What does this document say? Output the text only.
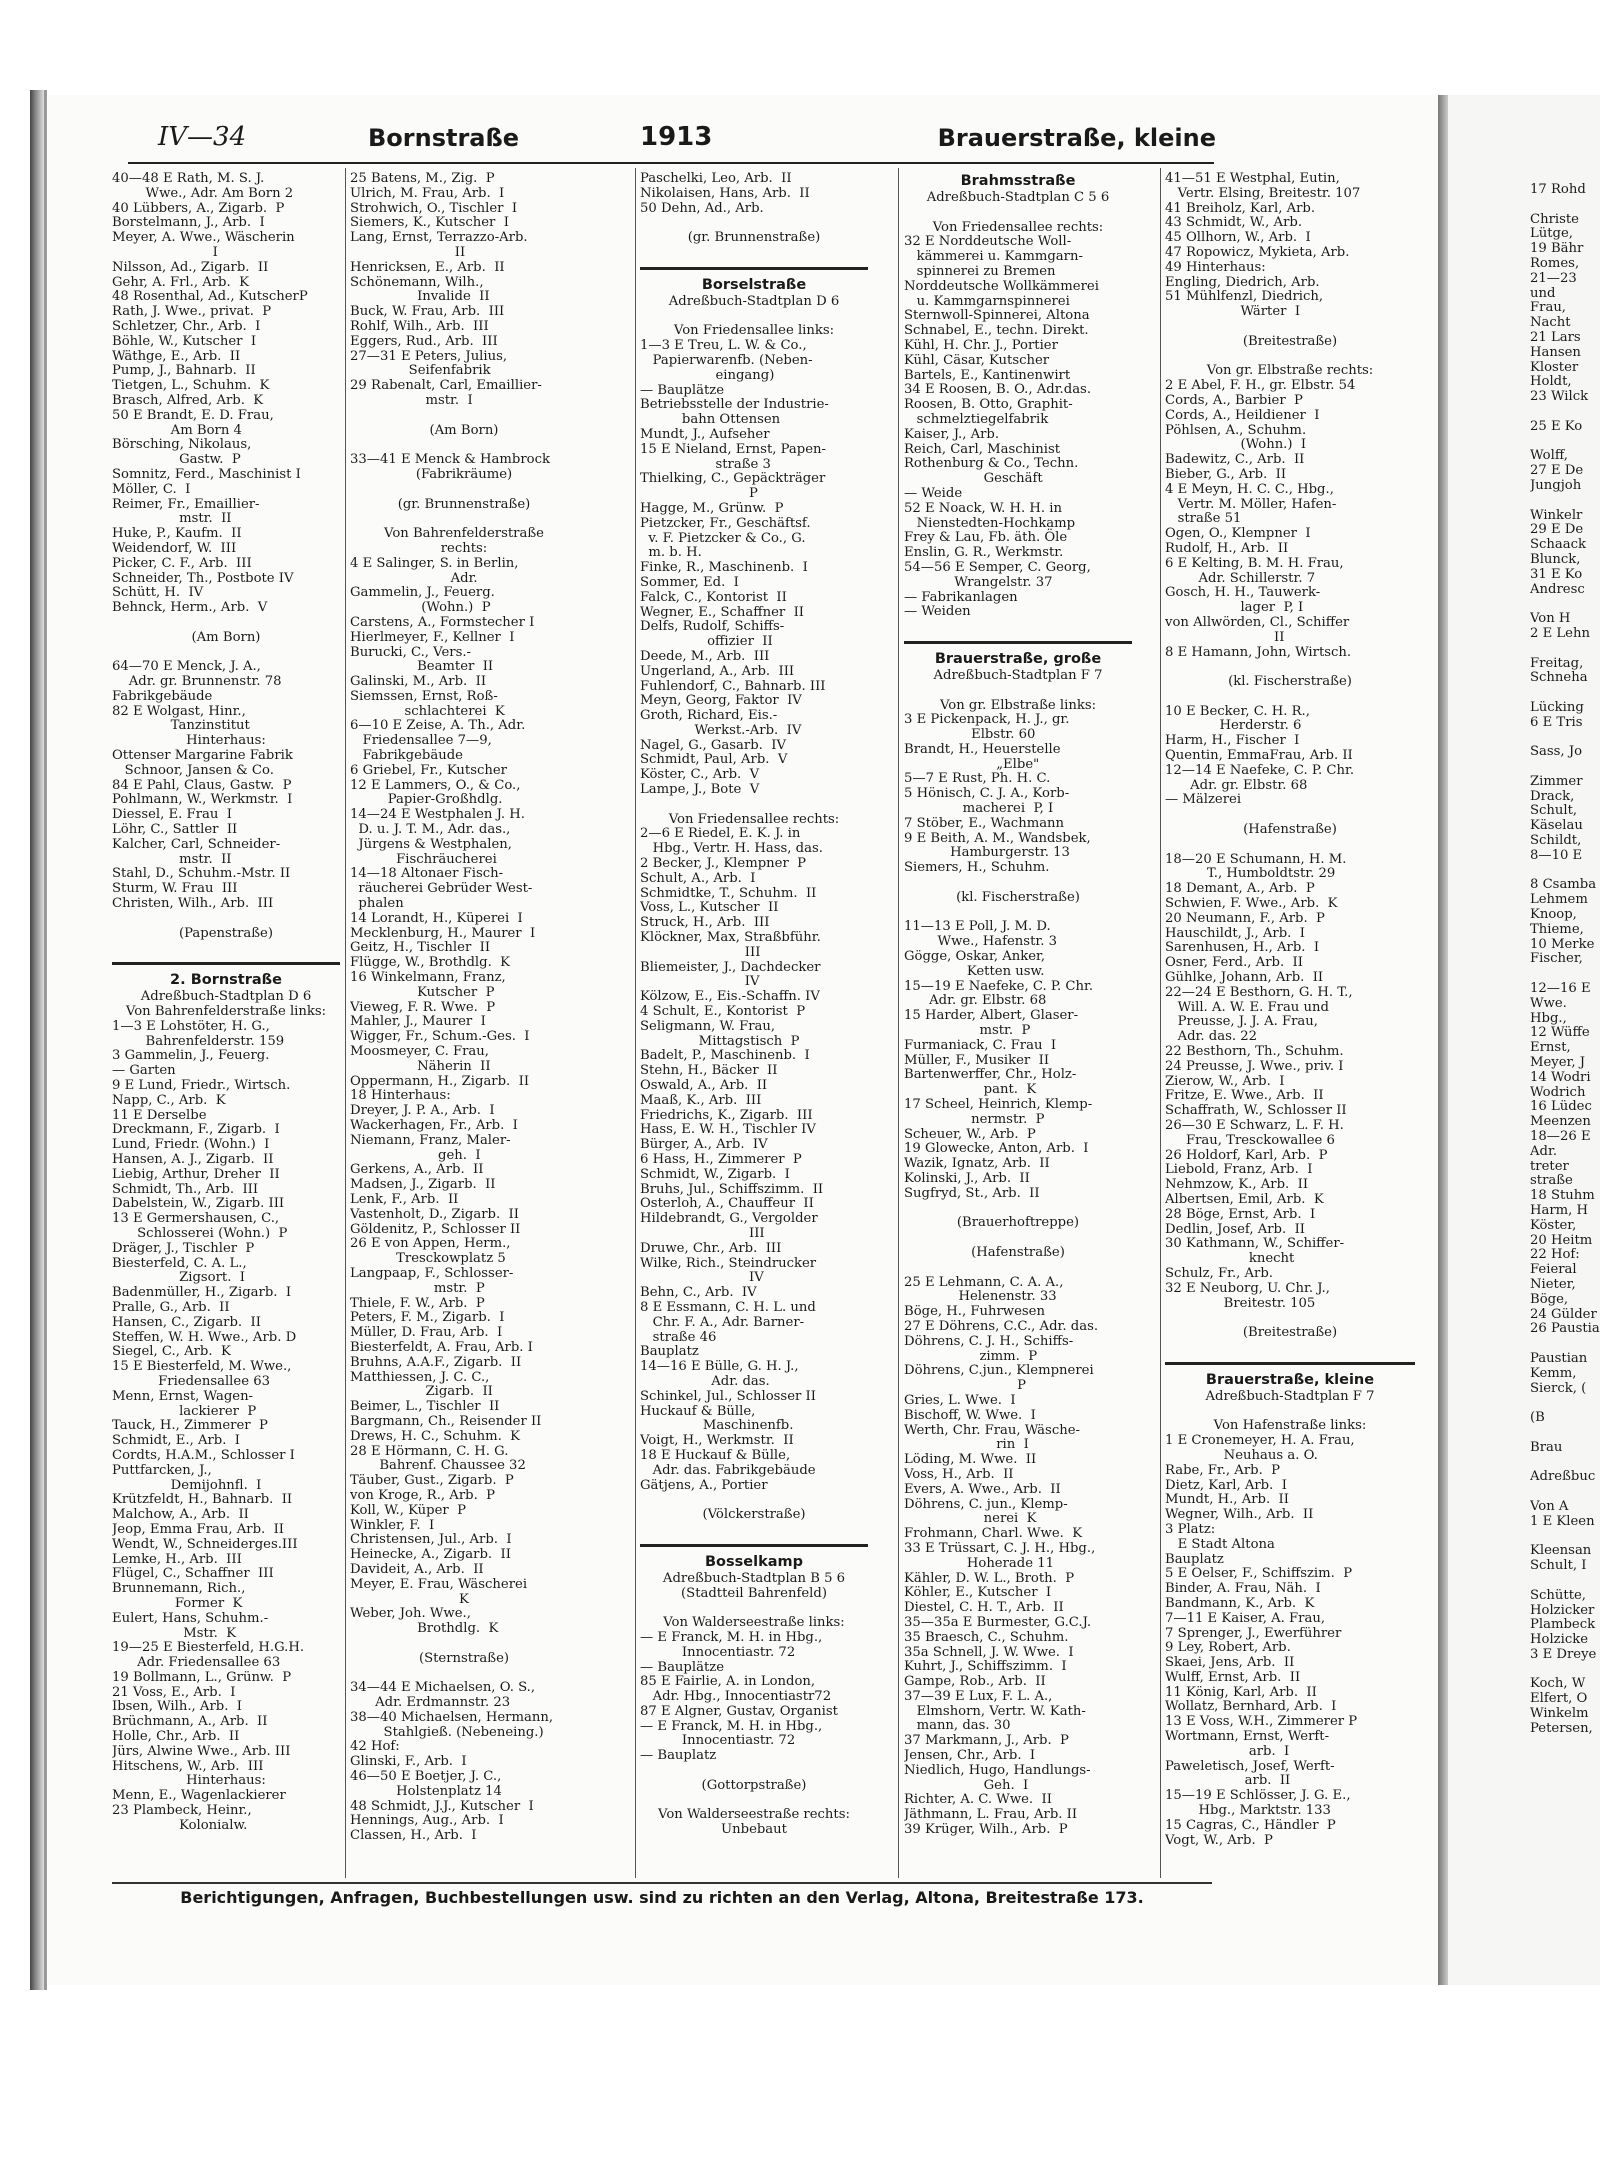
IV—34	Bornstraße	1913	Brauerstraße, kleine
40—48 E Rath, M. S. J.
Wwe., Adr. Am Born 2
40 Lübbers, A., Zigarb.  P
Borstelmann, J., Arb.  I
Meyer, A. Wwe., Wäscherin
I
Nilsson, Ad., Zigarb.  II
Gehr, A. Frl., Arb.  K
48 Rosenthal, Ad., KutscherP
Rath, J. Wwe., privat.  P
Schletzer, Chr., Arb.  I
Böhle, W., Kutscher  I
Wäthge, E., Arb.  II
Pump, J., Bahnarb.  II
Tietgen, L., Schuhm.  K
Brasch, Alfred, Arb.  K
50 E Brandt, E. D. Frau,
Am Born 4
Börsching, Nikolaus,
Gastw.  P
Somnitz, Ferd., Maschinist I
Möller, C.  I
Reimer, Fr., Emaillier-
mstr.  II
Huke, P., Kaufm.  II
Weidendorf, W.  III
Picker, C. F., Arb.  III
Schneider, Th., Postbote IV
Schütt, H.  IV
Behnck, Herm., Arb.  V

(Am Born)

64—70 E Menck, J. A.,
Adr. gr. Brunnenstr. 78
Fabrikgebäude
82 E Wolgast, Hinr.,
Tanzinstitut
Hinterhaus:
Ottenser Margarine Fabrik
Schnoor, Jansen & Co.
84 E Pahl, Claus, Gastw.  P
Pohlmann, W., Werkmstr.  I
Diessel, E. Frau  I
Löhr, C., Sattler  II
Kalcher, Carl, Schneider-
mstr.  II
Stahl, D., Schuhm.-Mstr. II
Sturm, W. Frau  III
Christen, Wilh., Arb.  III

(Papenstraße)

2. Bornstraße
Adreßbuch-Stadtplan D 6
Von Bahrenfelderstraße links:
1—3 E Lohstöter, H. G.,
Bahrenfelderstr. 159
3 Gammelin, J., Feuerg.
— Garten
9 E Lund, Friedr., Wirtsch.
Napp, C., Arb.  K
11 E Derselbe
Dreckmann, F., Zigarb.  I
Lund, Friedr. (Wohn.)  I
Hansen, A. J., Zigarb.  II
Liebig, Arthur, Dreher  II
Schmidt, Th., Arb.  III
Dabelstein, W., Zigarb. III
13 E Germershausen, C.,
Schlosserei (Wohn.)  P
Dräger, J., Tischler  P
Biesterfeld, C. A. L.,
Zigsort.  I
Badenmüller, H., Zigarb.  I
Pralle, G., Arb.  II
Hansen, C., Zigarb.  II
Steffen, W. H. Wwe., Arb. D
Siegel, C., Arb.  K
15 E Biesterfeld, M. Wwe.,
Friedensallee 63
Menn, Ernst, Wagen-
lackierer  P
Tauck, H., Zimmerer  P
Schmidt, E., Arb.  I
Cordts, H.A.M., Schlosser I
Puttfarcken, J.,
Demijohnfl.  I
Krützfeldt, H., Bahnarb.  II
Malchow, A., Arb.  II
Jeop, Emma Frau, Arb.  II
Wendt, W., Schneiderges.III
Lemke, H., Arb.  III
Flügel, C., Schaffner  III
Brunnemann, Rich.,
Former  K
Eulert, Hans, Schuhm.-
Mstr.  K
19—25 E Biesterfeld, H.G.H.
Adr. Friedensallee 63
19 Bollmann, L., Grünw.  P
21 Voss, E., Arb.  I
Ibsen, Wilh., Arb.  I
Brüchmann, A., Arb.  II
Holle, Chr., Arb.  II
Jürs, Alwine Wwe., Arb. III
Hitschens, W., Arb.  III
Hinterhaus:
Menn, E., Wagenlackierer
23 Plambeck, Heinr.,
Kolonialw.
25 Batens, M., Zig.  P
Ulrich, M. Frau, Arb.  I
Strohwich, O., Tischler  I
Siemers, K., Kutscher  I
Lang, Ernst, Terrazzo-Arb.
II
Henricksen, E., Arb.  II
Schönemann, Wilh.,
Invalide  II
Buck, W. Frau, Arb.  III
Rohlf, Wilh., Arb.  III
Eggers, Rud., Arb.  III
27—31 E Peters, Julius,
Seifenfabrik
29 Rabenalt, Carl, Emaillier-
mstr.  I

(Am Born)

33—41 E Menck & Hambrock
(Fabrikräume)

(gr. Brunnenstraße)

Von Bahrenfelderstraße
rechts:
4 E Salinger, S. in Berlin,
Adr.
Gammelin, J., Feuerg.
(Wohn.)  P
Carstens, A., Formstecher I
Hierlmeyer, F., Kellner  I
Burucki, C., Vers.-
Beamter  II
Galinski, M., Arb.  II
Siemssen, Ernst, Roß-
schlachterei  K
6—10 E Zeise, A. Th., Adr.
Friedensallee 7—9,
Fabrikgebäude
6 Griebel, Fr., Kutscher
12 E Lammers, O., & Co.,
Papier-Großhdlg.
14—24 E Westphalen J. H.
D. u. J. T. M., Adr. das.,
Jürgens & Westphalen,
Fischräucherei
14—18 Altonaer Fisch-
räucherei Gebrüder West-
phalen
14 Lorandt, H., Küperei  I
Mecklenburg, H., Maurer  I
Geitz, H., Tischler  II
Flügge, W., Brothdlg.  K
16 Winkelmann, Franz,
Kutscher  P
Vieweg, F. R. Wwe.  P
Mahler, J., Maurer  I
Wigger, Fr., Schum.-Ges.  I
Moosmeyer, C. Frau,
Näherin  II
Oppermann, H., Zigarb.  II
18 Hinterhaus:
Dreyer, J. P. A., Arb.  I
Wackerhagen, Fr., Arb.  I
Niemann, Franz, Maler-
geh.  I
Gerkens, A., Arb.  II
Madsen, J., Zigarb.  II
Lenk, F., Arb.  II
Vastenholt, D., Zigarb.  II
Göldenitz, P., Schlosser II
26 E von Appen, Herm.,
Tresckowplatz 5
Langpaap, F., Schlosser-
mstr.  P
Thiele, F. W., Arb.  P
Peters, F. M., Zigarb.  I
Müller, D. Frau, Arb.  I
Biesterfeldt, A. Frau, Arb. I
Bruhns, A.A.F., Zigarb.  II
Matthiessen, J. C. C.,
Zigarb.  II
Beimer, L., Tischler  II
Bargmann, Ch., Reisender II
Drews, H. C., Schuhm.  K
28 E Hörmann, C. H. G.
Bahrenf. Chaussee 32
Täuber, Gust., Zigarb.  P
von Kroge, R., Arb.  P
Koll, W., Küper  P
Winkler, F.  I
Christensen, Jul., Arb.  I
Heinecke, A., Zigarb.  II
Davideit, A., Arb.  II
Meyer, E. Frau, Wäscherei
K
Weber, Joh. Wwe.,
Brothdlg.  K

(Sternstraße)

34—44 E Michaelsen, O. S.,
Adr. Erdmannstr. 23
38—40 Michaelsen, Hermann,
Stahlgieß. (Nebeneing.)
42 Hof:
Glinski, F., Arb.  I
46—50 E Boetjer, J. C.,
Holstenplatz 14
48 Schmidt, J.J., Kutscher  I
Hennings, Aug., Arb.  I
Classen, H., Arb.  I
Paschelki, Leo, Arb.  II
Nikolaisen, Hans, Arb.  II
50 Dehn, Ad., Arb.

(gr. Brunnenstraße)

Borselstraße
Adreßbuch-Stadtplan D 6

Von Friedensallee links:
1—3 E Treu, L. W. & Co.,
Papierwarenfb. (Neben-
eingang)
— Bauplätze
Betriebsstelle der Industrie-
bahn Ottensen
Mundt, J., Aufseher
15 E Nieland, Ernst, Papen-
straße 3
Thielking, C., Gepäckträger
P
Hagge, M., Grünw.  P
Pietzcker, Fr., Geschäftsf.
v. F. Pietzcker & Co., G.
m. b. H.
Finke, R., Maschinenb.  I
Sommer, Ed.  I
Falck, C., Kontorist  II
Wegner, E., Schaffner  II
Delfs, Rudolf, Schiffs-
offizier  II
Deede, M., Arb.  III
Ungerland, A., Arb.  III
Fuhlendorf, C., Bahnarb. III
Meyn, Georg, Faktor  IV
Groth, Richard, Eis.-
Werkst.-Arb.  IV
Nagel, G., Gasarb.  IV
Schmidt, Paul, Arb.  V
Köster, C., Arb.  V
Lampe, J., Bote  V

Von Friedensallee rechts:
2—6 E Riedel, E. K. J. in
Hbg., Vertr. H. Hass, das.
2 Becker, J., Klempner  P
Schult, A., Arb.  I
Schmidtke, T., Schuhm.  II
Voss, L., Kutscher  II
Struck, H., Arb.  III
Klöckner, Max, Straßbführ.
III
Bliemeister, J., Dachdecker
IV
Kölzow, E., Eis.-Schaffn. IV
4 Schult, E., Kontorist  P
Seligmann, W. Frau,
Mittagstisch  P
Badelt, P., Maschinenb.  I
Stehn, H., Bäcker  II
Oswald, A., Arb.  II
Maaß, K., Arb.  III
Friedrichs, K., Zigarb.  III
Hass, E. W. H., Tischler IV
Bürger, A., Arb.  IV
6 Hass, H., Zimmerer  P
Schmidt, W., Zigarb.  I
Bruhs, Jul., Schiffszimm.  II
Osterloh, A., Chauffeur  II
Hildebrandt, G., Vergolder
III
Druwe, Chr., Arb.  III
Wilke, Rich., Steindrucker
IV
Behn, C., Arb.  IV
8 E Essmann, C. H. L. und
Chr. F. A., Adr. Barner-
straße 46
Bauplatz
14—16 E Bülle, G. H. J.,
Adr. das.
Schinkel, Jul., Schlosser II
Huckauf & Bülle,
Maschinenfb.
Voigt, H., Werkmstr.  II
18 E Huckauf & Bülle,
Adr. das. Fabrikgebäude
Gätjens, A., Portier

(Völckerstraße)

Bosselkamp
Adreßbuch-Stadtplan B 5 6
(Stadtteil Bahrenfeld)

Von Walderseestraße links:
— E Franck, M. H. in Hbg.,
Innocentiastr. 72
— Bauplätze
85 E Fairlie, A. in London,
Adr. Hbg., Innocentiastr72
87 E Algner, Gustav, Organist
— E Franck, M. H. in Hbg.,
Innocentiastr. 72
— Bauplatz

(Gottorpstraße)

Von Walderseestraße rechts:
Unbebaut
Brahmsstraße
Adreßbuch-Stadtplan C 5 6

Von Friedensallee rechts:
32 E Norddeutsche Woll-
kämmerei u. Kammgarn-
spinnerei zu Bremen
Norddeutsche Wollkämmerei
u. Kammgarnspinnerei
Sternwoll-Spinnerei, Altona
Schnabel, E., techn. Direkt.
Kühl, H. Chr. J., Portier
Kühl, Cäsar, Kutscher
Bartels, E., Kantinenwirt
34 E Roosen, B. O., Adr.das.
Roosen, B. Otto, Graphit-
schmelztiegelfabrik
Kaiser, J., Arb.
Reich, Carl, Maschinist
Rothenburg & Co., Techn.
Geschäft
— Weide
52 E Noack, W. H. H. in
Nienstedten-Hochkamp
Frey & Lau, Fb. äth. Öle
Enslin, G. R., Werkmstr.
54—56 E Semper, C. Georg,
Wrangelstr. 37
— Fabrikanlagen
— Weiden

Brauerstraße, große
Adreßbuch-Stadtplan F 7

Von gr. Elbstraße links:
3 E Pickenpack, H. J., gr.
Elbstr. 60
Brandt, H., Heuerstelle
„Elbe"
5—7 E Rust, Ph. H. C.
5 Hönisch, C. J. A., Korb-
macherei  P, I
7 Stöber, E., Wachmann
9 E Beith, A. M., Wandsbek,
Hamburgerstr. 13
Siemers, H., Schuhm.

(kl. Fischerstraße)

11—13 E Poll, J. M. D.
Wwe., Hafenstr. 3
Gögge, Oskar, Anker,
Ketten usw.
15—19 E Naefeke, C. P. Chr.
Adr. gr. Elbstr. 68
15 Harder, Albert, Glaser-
mstr.  P
Furmaniack, C. Frau  I
Müller, F., Musiker  II
Bartenwerffer, Chr., Holz-
pant.  K
17 Scheel, Heinrich, Klemp-
nermstr.  P
Scheuer, W., Arb.  P
19 Glowecke, Anton, Arb.  I
Wazik, Ignatz, Arb.  II
Kolinski, J., Arb.  II
Sugfryd, St., Arb.  II

(Brauerhoftreppe)

(Hafenstraße)

25 E Lehmann, C. A. A.,
Helenenstr. 33
Böge, H., Fuhrwesen
27 E Döhrens, C.C., Adr. das.
Döhrens, C. J. H., Schiffs-
zimm.  P
Döhrens, C.jun., Klempnerei
P
Gries, L. Wwe.  I
Bischoff, W. Wwe.  I
Werth, Chr. Frau, Wäsche-
rin  I
Löding, M. Wwe.  II
Voss, H., Arb.  II
Evers, A. Wwe., Arb.  II
Döhrens, C. jun., Klemp-
nerei  K
Frohmann, Charl. Wwe.  K
33 E Trüssart, C. J. H., Hbg.,
Hoheradе 11
Kähler, D. W. L., Broth.  P
Köhler, E., Kutscher  I
Diestel, C. H. T., Arb.  II
35—35a E Burmester, G.C.J.
35 Braesch, C., Schuhm.
35a Schnell, J. W. Wwe.  I
Kuhrt, J., Schiffszimm.  I
Gampe, Rob., Arb.  II
37—39 E Lux, F. L. A.,
Elmshorn, Vertr. W. Kath-
mann, das. 30
37 Markmann, J., Arb.  P
Jensen, Chr., Arb.  I
Niedlich, Hugo, Handlungs-
Geh.  I
Richter, A. C. Wwe.  II
Jäthmann, L. Frau, Arb. II
39 Krüger, Wilh., Arb.  P
41—51 E Westphal, Eutin,
Vertr. Elsing, Breitestr. 107
41 Breiholz, Karl, Arb.
43 Schmidt, W., Arb.
45 Ollhorn, W., Arb.  I
47 Ropowicz, Mykieta, Arb.
49 Hinterhaus:
Engling, Diedrich, Arb.
51 Mühlfenzl, Diedrich,
Wärter  I

(Breitestraße)

Von gr. Elbstraße rechts:
2 E Abel, F. H., gr. Elbstr. 54
Cords, A., Barbier  P
Cords, A., Heildiener  I
Pöhlsen, A., Schuhm.
(Wohn.)  I
Badewitz, C., Arb.  II
Bieber, G., Arb.  II
4 E Meyn, H. C. C., Hbg.,
Vertr. M. Möller, Hafen-
straße 51
Ogen, O., Klempner  I
Rudolf, H., Arb.  II
6 E Kelting, B. M. H. Frau,
Adr. Schillerstr. 7
Gosch, H. H., Tauwerk-
lager  P, I
von Allwörden, Cl., Schiffer
II
8 E Hamann, John, Wirtsch.

(kl. Fischerstraße)

10 E Becker, C. H. R.,
Herderstr. 6
Harm, H., Fischer  I
Quentin, EmmaFrau, Arb. II
12—14 E Naefeke, C. P. Chr.
Adr. gr. Elbstr. 68
— Mälzerei

(Hafenstraße)

18—20 E Schumann, H. M.
T., Humboldtstr. 29
18 Demant, A., Arb.  P
Schwien, F. Wwe., Arb.  K
20 Neumann, F., Arb.  P
Hauschildt, J., Arb.  I
Sarenhusen, H., Arb.  I
Osner, Ferd., Arb.  II
Gühlke, Johann, Arb.  II
22—24 E Besthorn, G. H. T.,
Will. A. W. E. Frau und
Preusse, J. J. A. Frau,
Adr. das. 22
22 Besthorn, Th., Schuhm.
24 Preusse, J. Wwe., priv. I
Zierow, W., Arb.  I
Fritze, E. Wwe., Arb.  II
Schaffrath, W., Schlosser II
26—30 E Schwarz, L. F. H.
Frau, Tresckowallee 6
26 Holdorf, Karl, Arb.  P
Liebold, Franz, Arb.  I
Nehmzow, K., Arb.  II
Albertsen, Emil, Arb.  K
28 Böge, Ernst, Arb.  I
Dedlin, Josef, Arb.  II
30 Kathmann, W., Schiffer-
knecht
Schulz, Fr., Arb.
32 E Neuborg, U. Chr. J.,
Breitestr. 105

(Breitestraße)

Brauerstraße, kleine
Adreßbuch-Stadtplan F 7

Von Hafenstraße links:
1 E Cronemeyer, H. A. Frau,
Neuhaus a. O.
Rabe, Fr., Arb.  P
Dietz, Karl, Arb.  I
Mundt, H., Arb.  II
Wegner, Wilh., Arb.  II
3 Platz:
E Stadt Altona
Bauplatz
5 E Oelser, F., Schiffszim.  P
Binder, A. Frau, Näh.  I
Bandmann, K., Arb.  K
7—11 E Kaiser, A. Frau,
7 Sprenger, J., Ewerführer
9 Ley, Robert, Arb.
Skaei, Jens, Arb.  II
Wulff, Ernst, Arb.  II
11 König, Karl, Arb.  II
Wollatz, Bernhard, Arb.  I
13 E Voss, W.H., Zimmerer P
Wortmann, Ernst, Werft-
arb.  I
Paweletisch, Josef, Werft-
arb.  II
15—19 E Schlösser, J. G. E.,
Hbg., Marktstr. 133
15 Cagras, C., Händler  P
Vogt, W., Arb.  P
Berichtigungen, Anfragen, Buchbestellungen usw. sind zu richten an den Verlag, Altona, Breitestraße 173.
17 Rohd

Christe
Lütge,
19 Bähr
Romes,
21—23
und
Frau,
Nacht
21 Lars
Hansen
Kloster
Holdt,
23 Wilck

25 E Ko

Wolff,
27 E De
Jungjoh

Winkelr
29 E De
Schaack
Blunck,
31 E Ko
Andresc

Von H
2 E Lehn

Freitag,
Schneha

Lücking
6 E Tris

Sass, Jo

Zimmer
Drack,
Schult,
Käselau
Schildt,
8—10 E

8 Csamba
Lehmem
Knoop,
Thieme,
10 Merke
Fischer,

12—16 E
Wwe.
Hbg.,
12 Wüffe
Ernst,
Meyer, J
14 Wodri
Wodrich
16 Lüdec
Meenzen
18—26 E
Adr.
treter
straße
18 Stuhm
Harm, H
Köster,
20 Heitm
22 Hof:
Feieral
Nieter,
Böge,
24 Gülder
26 Paustia

Paustian
Kemm,
Sierck, (

(B

Brau

Adreßbuc

Von A
1 E Kleen

Kleensan
Schult, I

Schütte,
Holzicker
Plambeck
Holzicke
3 E Dreye

Koch, W
Elfert, O
Winkelm
Petersen,
